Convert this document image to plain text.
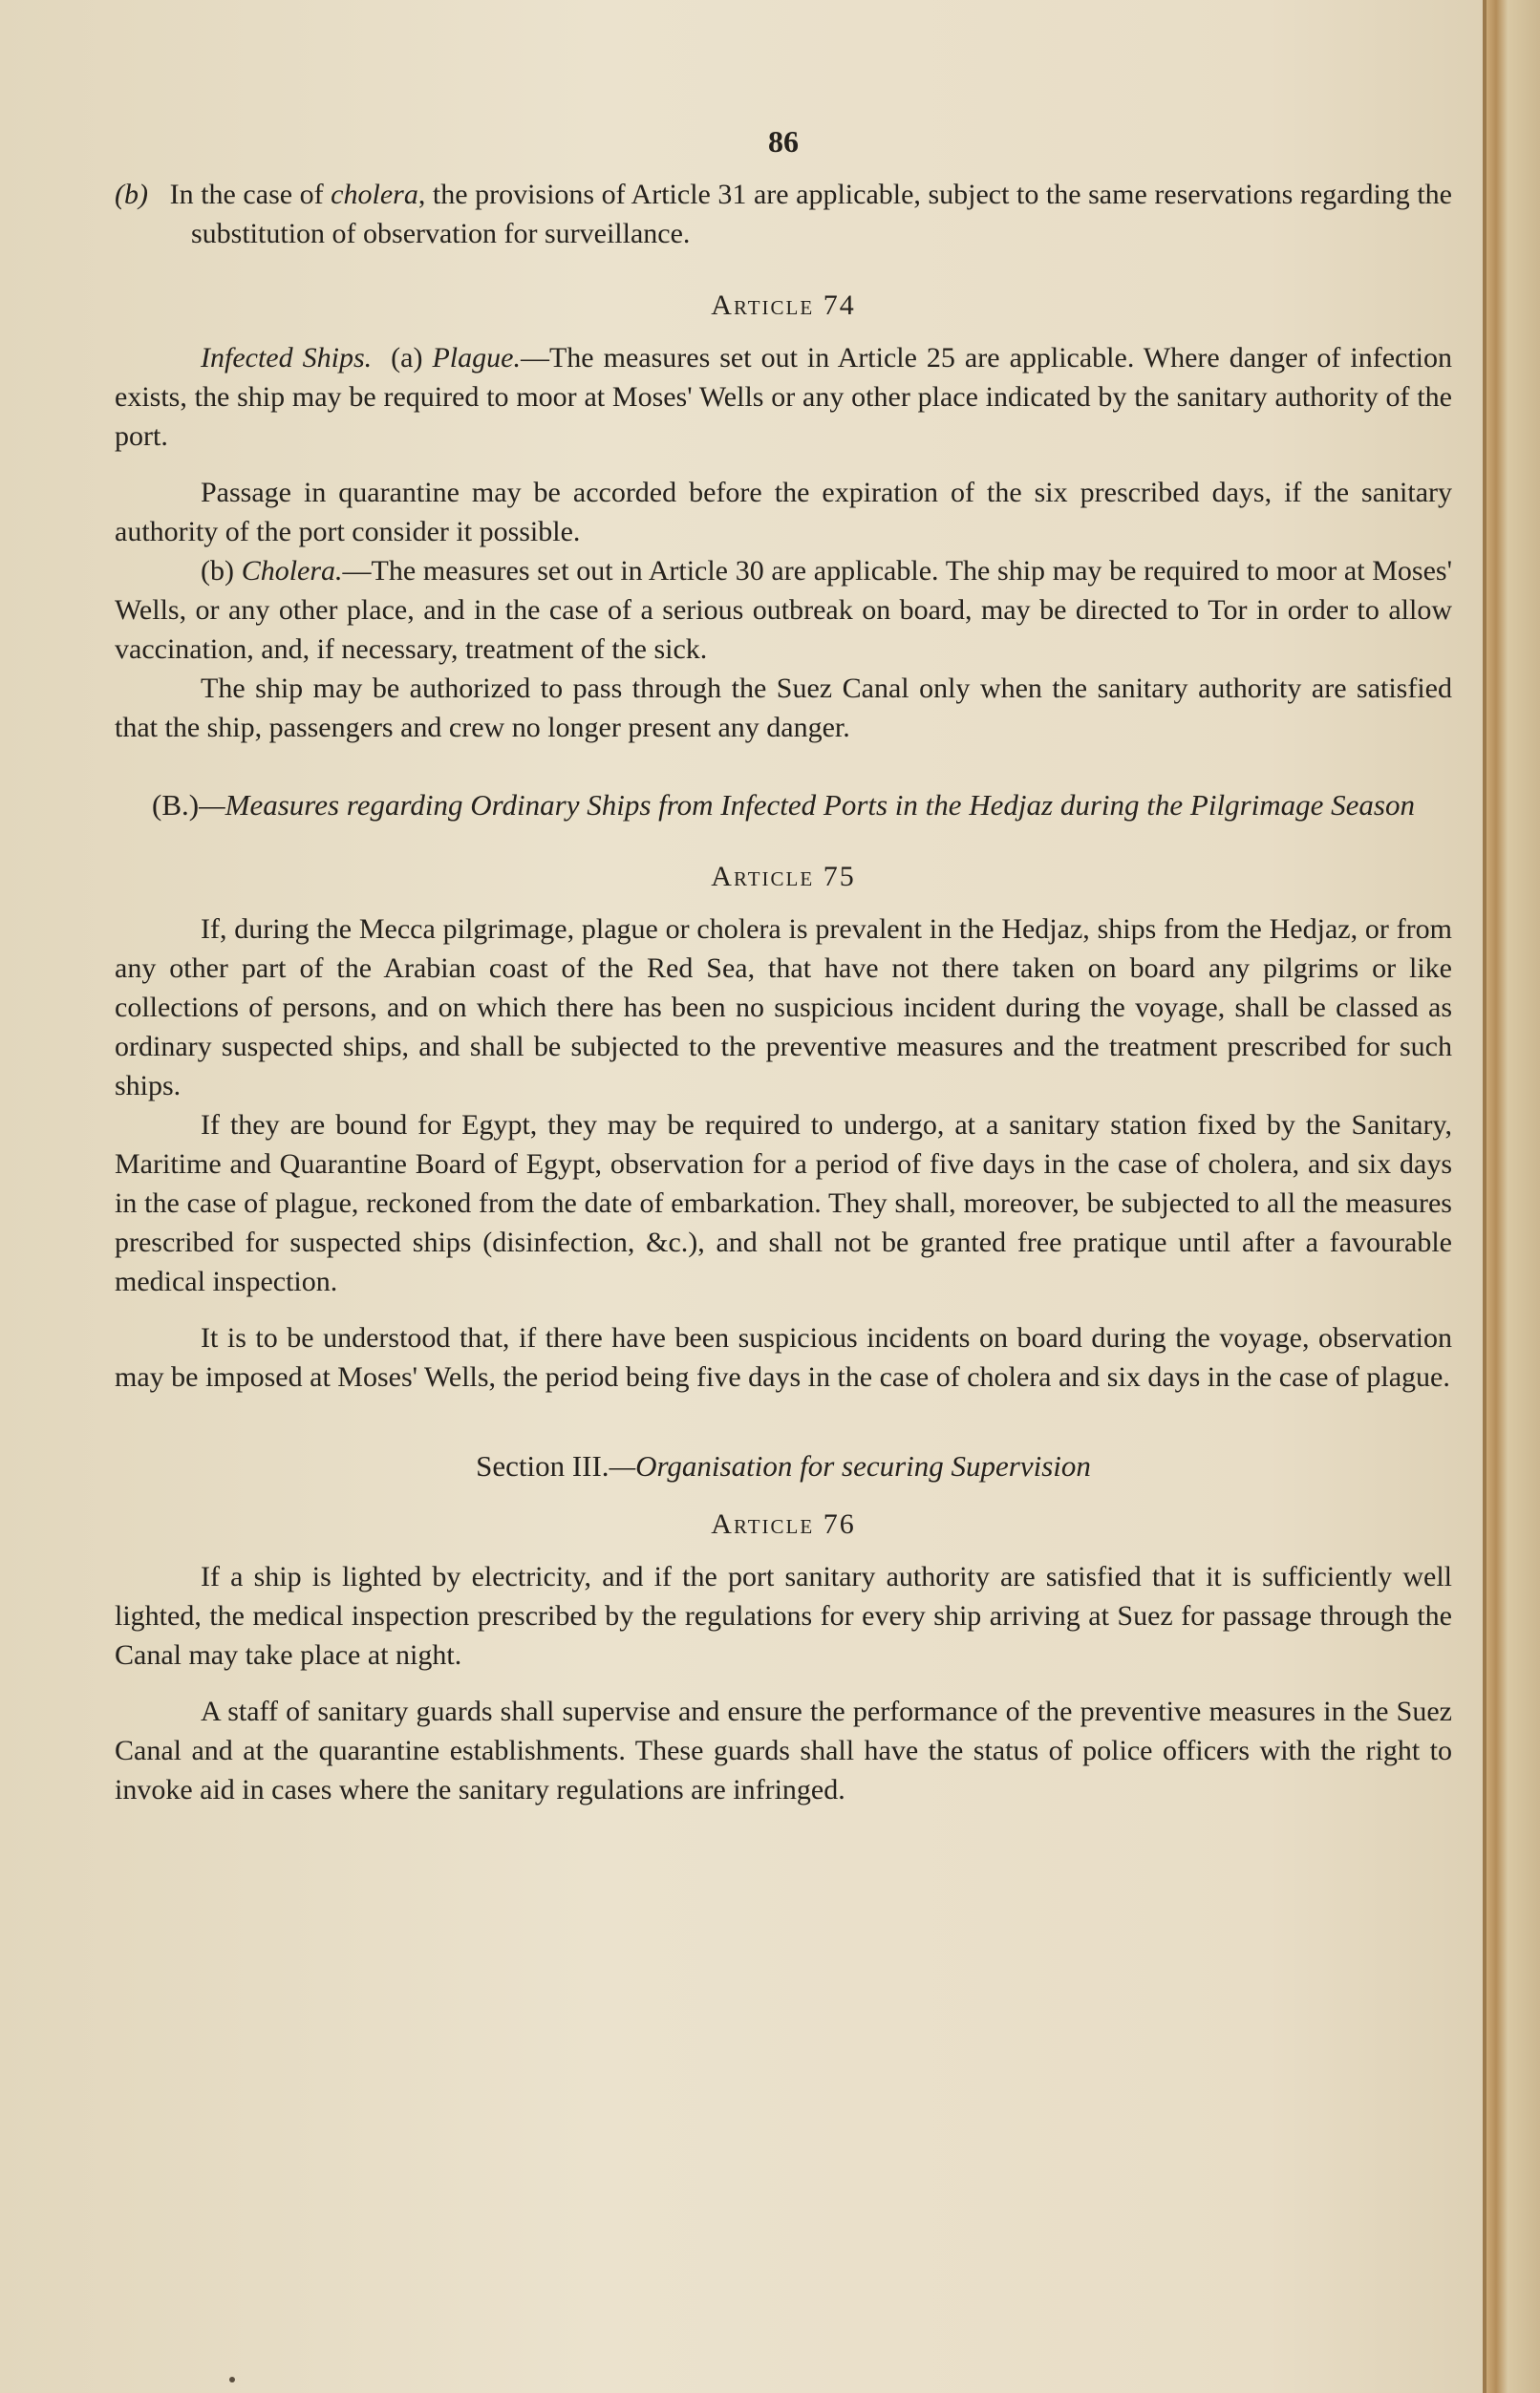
86

(b) In the case of cholera, the provisions of Article 31 are applicable, subject to the same reservations regarding the substitution of observation for surveillance.

Article 74

Infected Ships. (a) Plague.—The measures set out in Article 25 are applicable. Where danger of infection exists, the ship may be required to moor at Moses' Wells or any other place indicated by the sanitary authority of the port.

Passage in quarantine may be accorded before the expiration of the six prescribed days, if the sanitary authority of the port consider it possible.

(b) Cholera.—The measures set out in Article 30 are applicable. The ship may be required to moor at Moses' Wells, or any other place, and in the case of a serious outbreak on board, may be directed to Tor in order to allow vaccination, and, if necessary, treatment of the sick.

The ship may be authorized to pass through the Suez Canal only when the sanitary authority are satisfied that the ship, passengers and crew no longer present any danger.

(B.)—Measures regarding Ordinary Ships from Infected Ports in the Hedjaz during the Pilgrimage Season
Article 75

If, during the Mecca pilgrimage, plague or cholera is prevalent in the Hedjaz, ships from the Hedjaz, or from any other part of the Arabian coast of the Red Sea, that have not there taken on board any pilgrims or like collections of persons, and on which there has been no suspicious incident during the voyage, shall be classed as ordinary suspected ships, and shall be subjected to the preventive measures and the treatment prescribed for such ships.

If they are bound for Egypt, they may be required to undergo, at a sanitary station fixed by the Sanitary, Maritime and Quarantine Board of Egypt, observation for a period of five days in the case of cholera, and six days in the case of plague, reckoned from the date of embarkation. They shall, moreover, be subjected to all the measures prescribed for suspected ships (disinfection, &c.), and shall not be granted free pratique until after a favourable medical inspection.

It is to be understood that, if there have been suspicious incidents on board during the voyage, observation may be imposed at Moses' Wells, the period being five days in the case of cholera and six days in the case of plague.

Section III.—Organisation for securing Supervision
Article 76

If a ship is lighted by electricity, and if the port sanitary authority are satisfied that it is sufficiently well lighted, the medical inspection prescribed by the regulations for every ship arriving at Suez for passage through the Canal may take place at night.

A staff of sanitary guards shall supervise and ensure the performance of the preventive measures in the Suez Canal and at the quarantine establishments. These guards shall have the status of police officers with the right to invoke aid in cases where the sanitary regulations are infringed.
